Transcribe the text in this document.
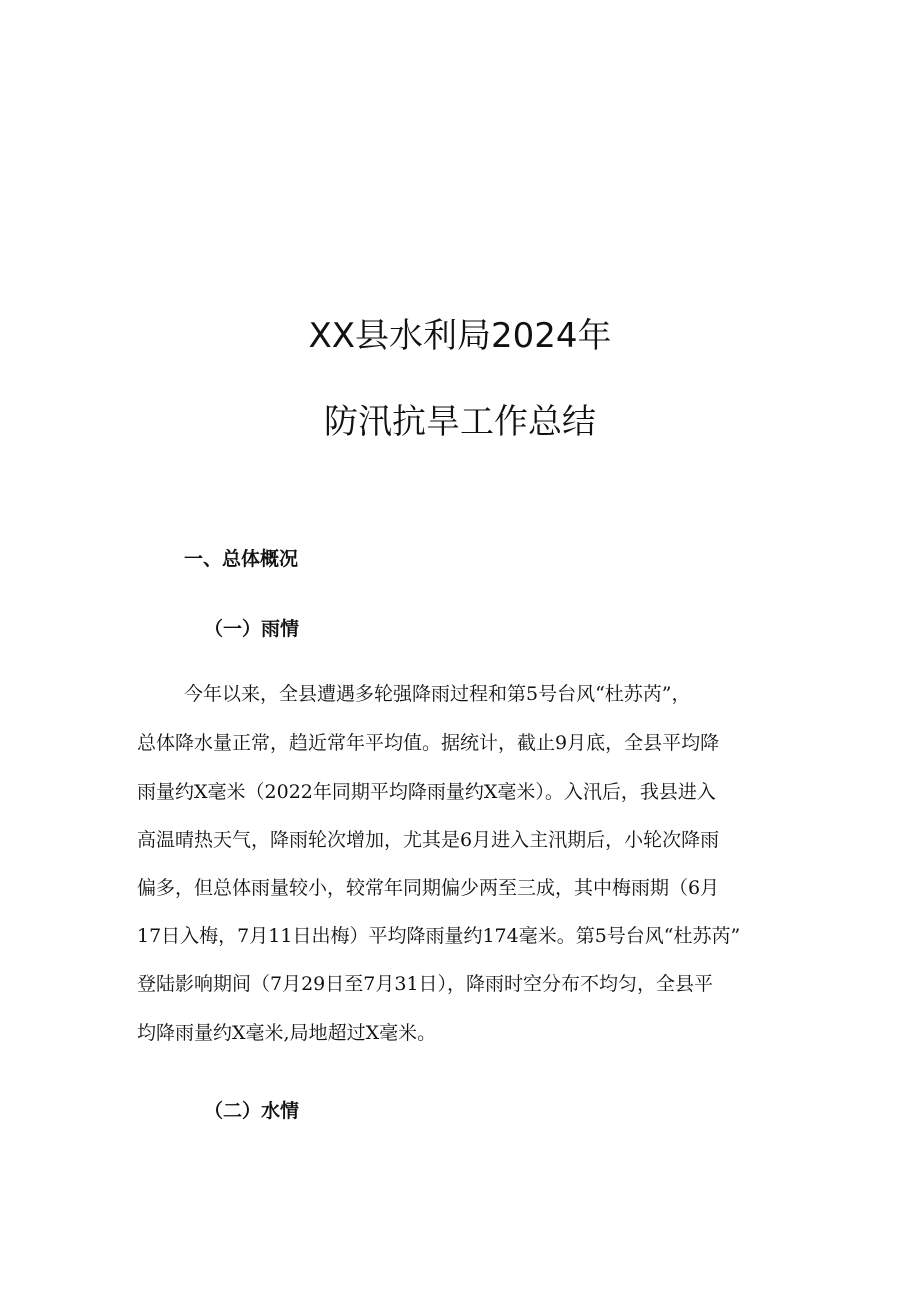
XX县水利局2024年
防汛抗旱工作总结
一、总体概况
（一）雨情
今年以来，全县遭遇多轮强降雨过程和第5号台风“杜苏芮”，
总体降水量正常，趋近常年平均值。据统计，截止9月底，全县平均降
雨量约X毫米（2022年同期平均降雨量约X毫米）。入汛后，我县进入
高温晴热天气，降雨轮次增加，尤其是6月进入主汛期后，小轮次降雨
偏多，但总体雨量较小，较常年同期偏少两至三成，其中梅雨期（6月
17日入梅，7月11日出梅）平均降雨量约174毫米。第5号台风“杜苏芮”
登陆影响期间（7月29日至7月31日），降雨时空分布不均匀，全县平
均降雨量约X毫米,局地超过X毫米。
（二）水情
